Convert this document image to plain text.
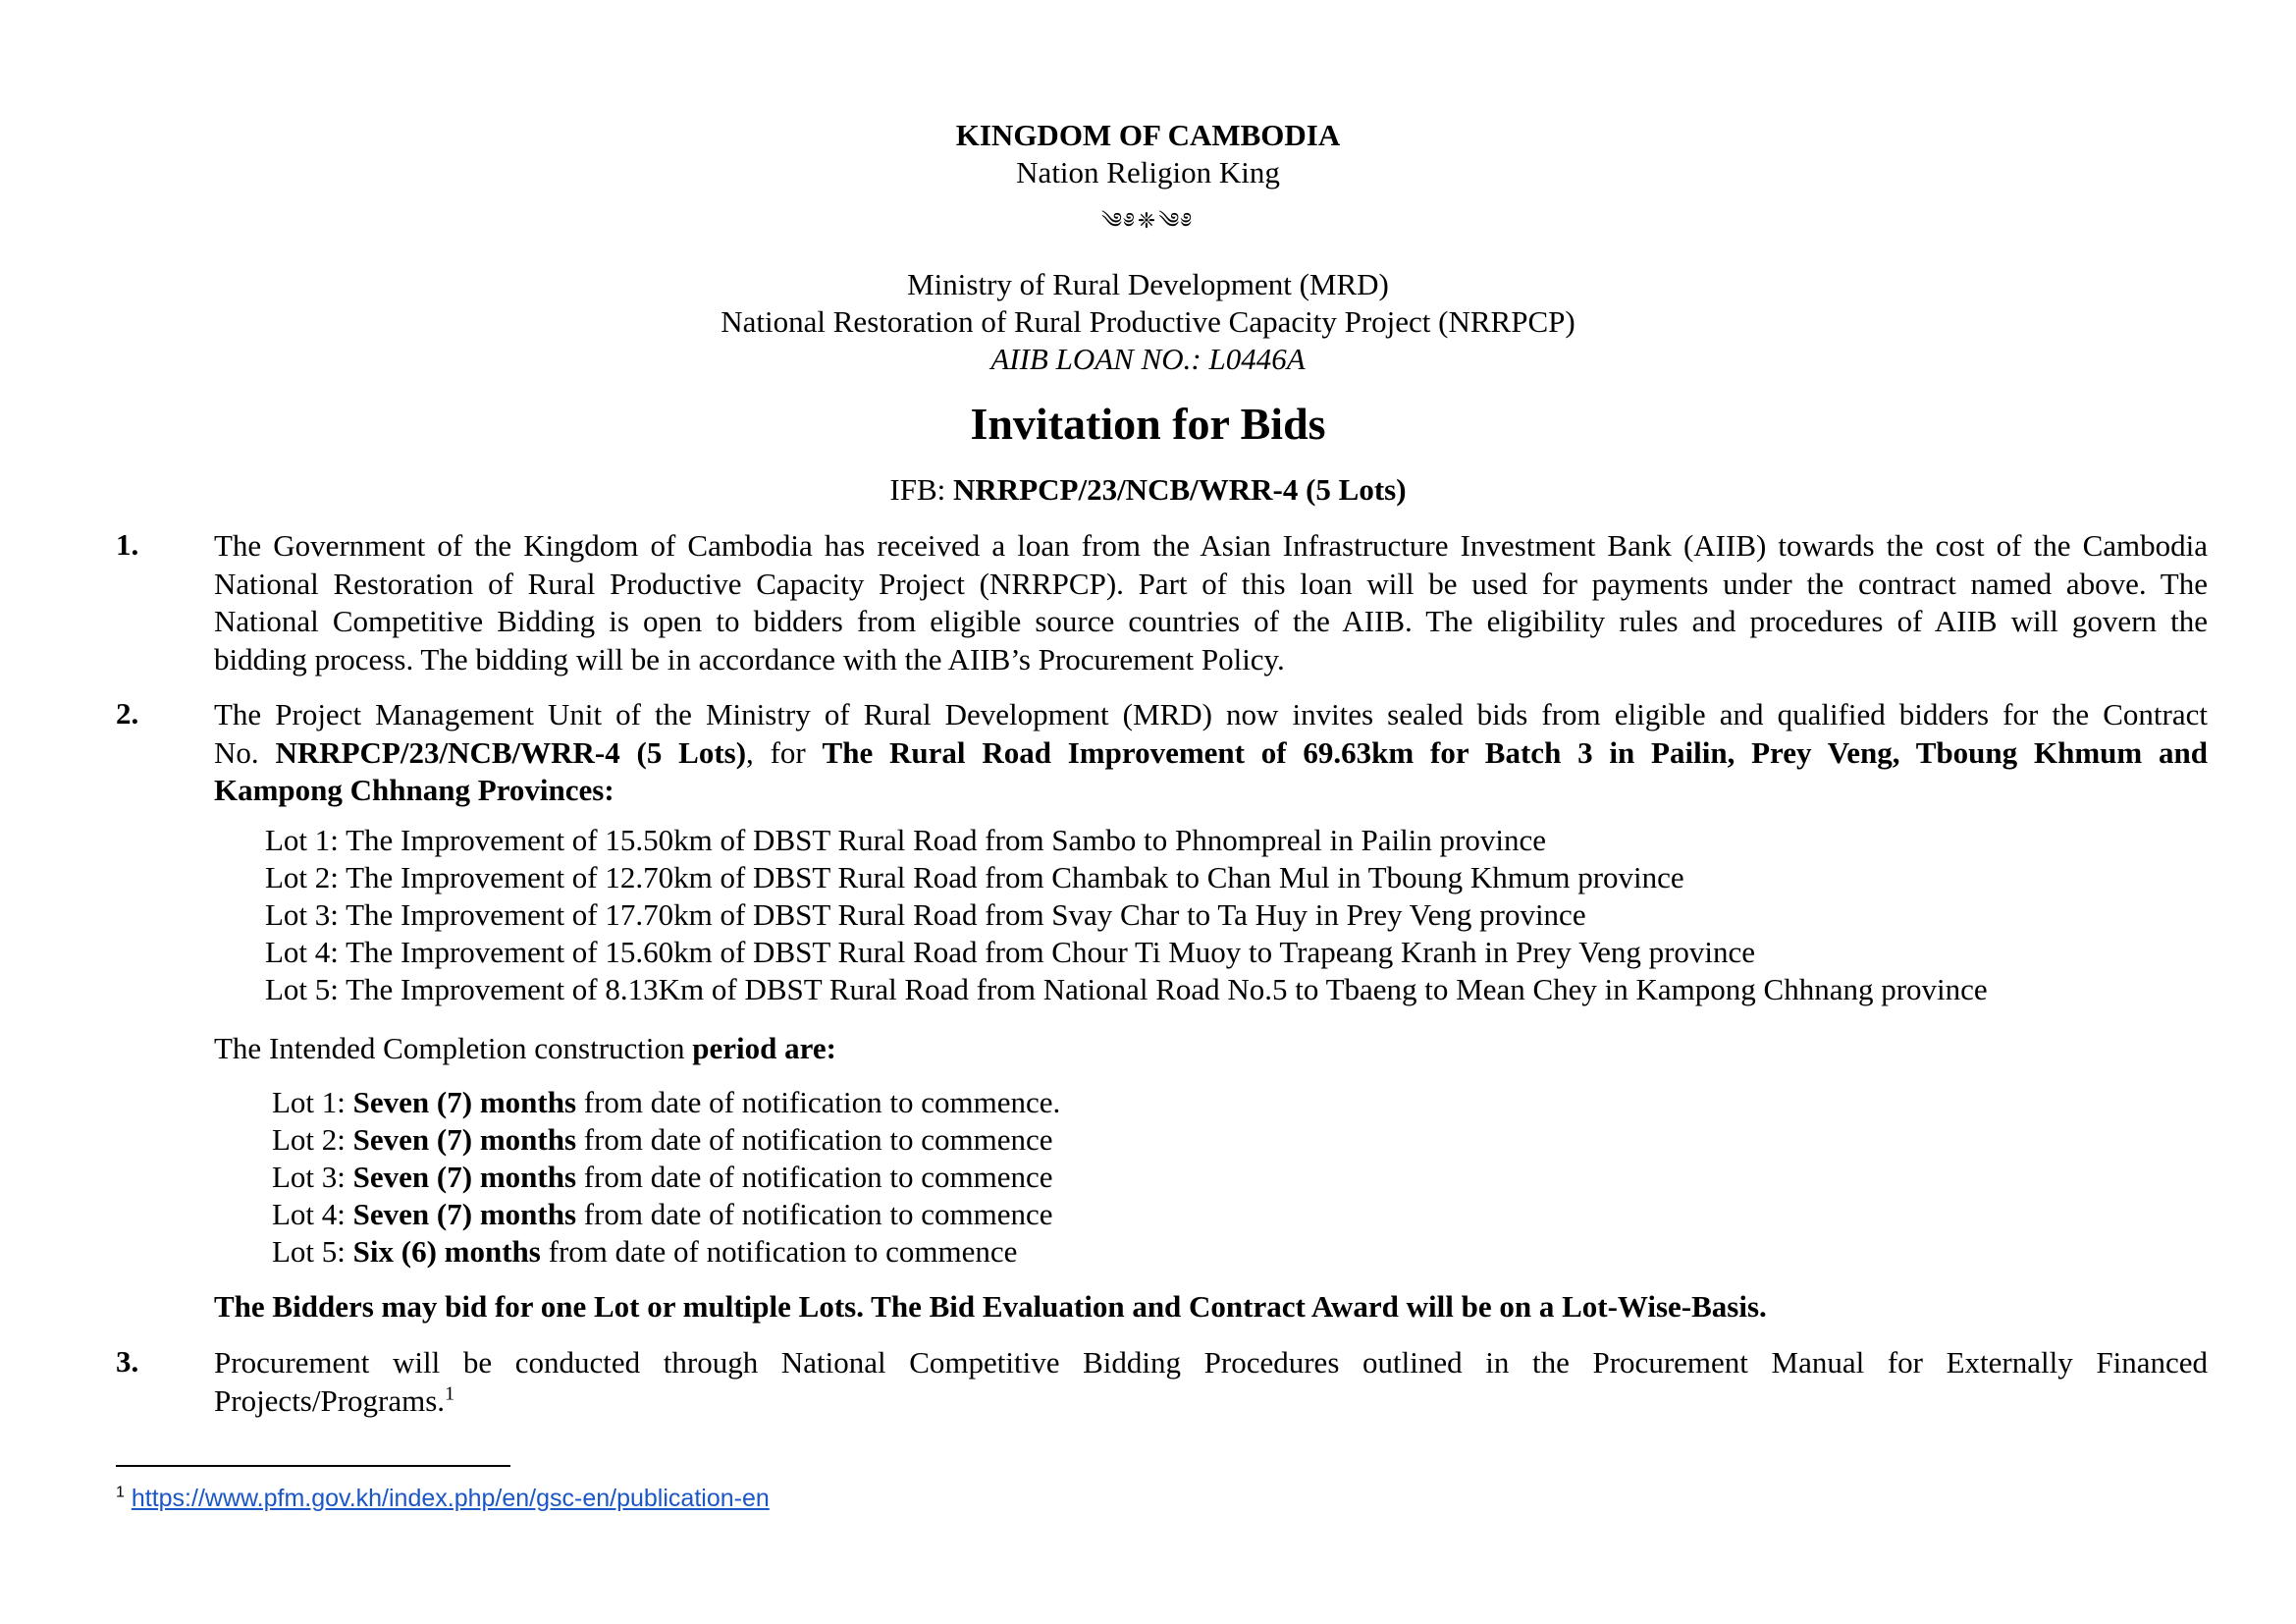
KINGDOM OF CAMBODIA
Nation Religion King
༄༅❈༄༅
Ministry of Rural Development (MRD)
National Restoration of Rural Productive Capacity Project (NRRPCP)
AIIB LOAN NO.: L0446A
Invitation for Bids
IFB: NRRPCP/23/NCB/WRR-4 (5 Lots)
1. The Government of the Kingdom of Cambodia has received a loan from the Asian Infrastructure Investment Bank (AIIB) towards the cost of the Cambodia
National Restoration of Rural Productive Capacity Project (NRRPCP). Part of this loan will be used for payments under the contract named above. The
National Competitive Bidding is open to bidders from eligible source countries of the AIIB. The eligibility rules and procedures of AIIB will govern the
bidding process. The bidding will be in accordance with the AIIB’s Procurement Policy.
2. The Project Management Unit of the Ministry of Rural Development (MRD) now invites sealed bids from eligible and qualified bidders for the Contract
No. NRRPCP/23/NCB/WRR-4 (5 Lots), for The Rural Road Improvement of 69.63km for Batch 3 in Pailin, Prey Veng, Tboung Khmum and
Kampong Chhnang Provinces:
Lot 1: The Improvement of 15.50km of DBST Rural Road from Sambo to Phnompreal in Pailin province
Lot 2: The Improvement of 12.70km of DBST Rural Road from Chambak to Chan Mul in Tboung Khmum province
Lot 3: The Improvement of 17.70km of DBST Rural Road from Svay Char to Ta Huy in Prey Veng province
Lot 4: The Improvement of 15.60km of DBST Rural Road from Chour Ti Muoy to Trapeang Kranh in Prey Veng province
Lot 5: The Improvement of 8.13Km of DBST Rural Road from National Road No.5 to Tbaeng to Mean Chey in Kampong Chhnang province
The Intended Completion construction period are:
Lot 1: Seven (7) months from date of notification to commence.
Lot 2: Seven (7) months from date of notification to commence
Lot 3: Seven (7) months from date of notification to commence
Lot 4: Seven (7) months from date of notification to commence
Lot 5: Six (6) months from date of notification to commence
The Bidders may bid for one Lot or multiple Lots. The Bid Evaluation and Contract Award will be on a Lot-Wise-Basis.
3. Procurement will be conducted through National Competitive Bidding Procedures outlined in the Procurement Manual for Externally Financed
Projects/Programs.$^1$
$^1$ https://www.pfm.gov.kh/index.php/en/gsc-en/publication-en
